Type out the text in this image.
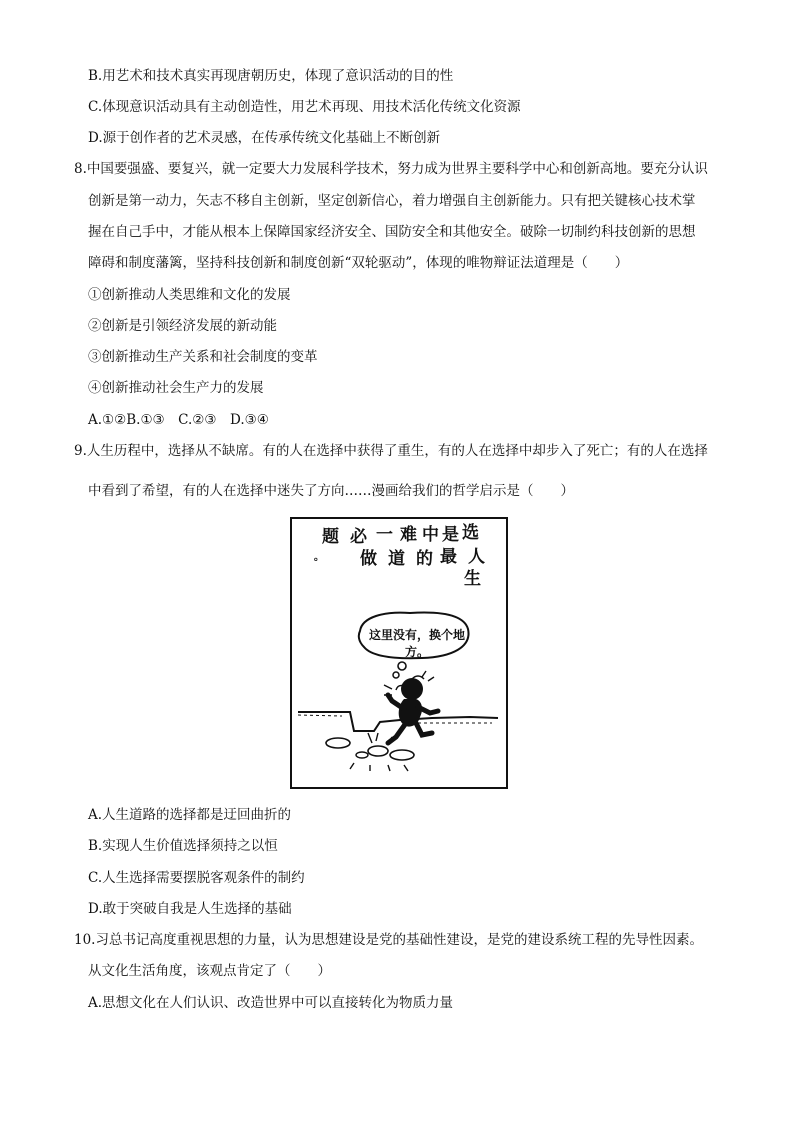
B.用艺术和技术真实再现唐朝历史，体现了意识活动的目的性
C.体现意识活动具有主动创造性，用艺术再现、用技术活化传统文化资源
D.源于创作者的艺术灵感，在传承传统文化基础上不断创新
8.中国要强盛、要复兴，就一定要大力发展科学技术，努力成为世界主要科学中心和创新高地。要充分认识
创新是第一动力，矢志不移自主创新，坚定创新信心，着力增强自主创新能力。只有把关键核心技术掌
握在自己手中，才能从根本上保障国家经济安全、国防安全和其他安全。破除一切制约科技创新的思想
障碍和制度藩篱，坚持科技创新和制度创新“双轮驱动”，体现的唯物辩证法道理是（　　）
①创新推动人类思维和文化的发展
②创新是引领经济发展的新动能
③创新推动生产关系和社会制度的变革
④创新推动社会生产力的发展
A.①②B.①③　C.②③　D.③④
9.人生历程中，选择从不缺席。有的人在选择中获得了重生，有的人在选择中却步入了死亡；有的人在选择
中看到了希望，有的人在选择中迷失了方向……漫画给我们的哲学启示是（　　）
选
是
中
难
一
必
题
人
生
最
的
道
做
。
这里没有，换个地方。
A.人生道路的选择都是迂回曲折的
B.实现人生价值选择须持之以恒
C.人生选择需要摆脱客观条件的制约
D.敢于突破自我是人生选择的基础
10.习总书记高度重视思想的力量，认为思想建设是党的基础性建设，是党的建设系统工程的先导性因素。
从文化生活角度，该观点肯定了（　　）
A.思想文化在人们认识、改造世界中可以直接转化为物质力量
